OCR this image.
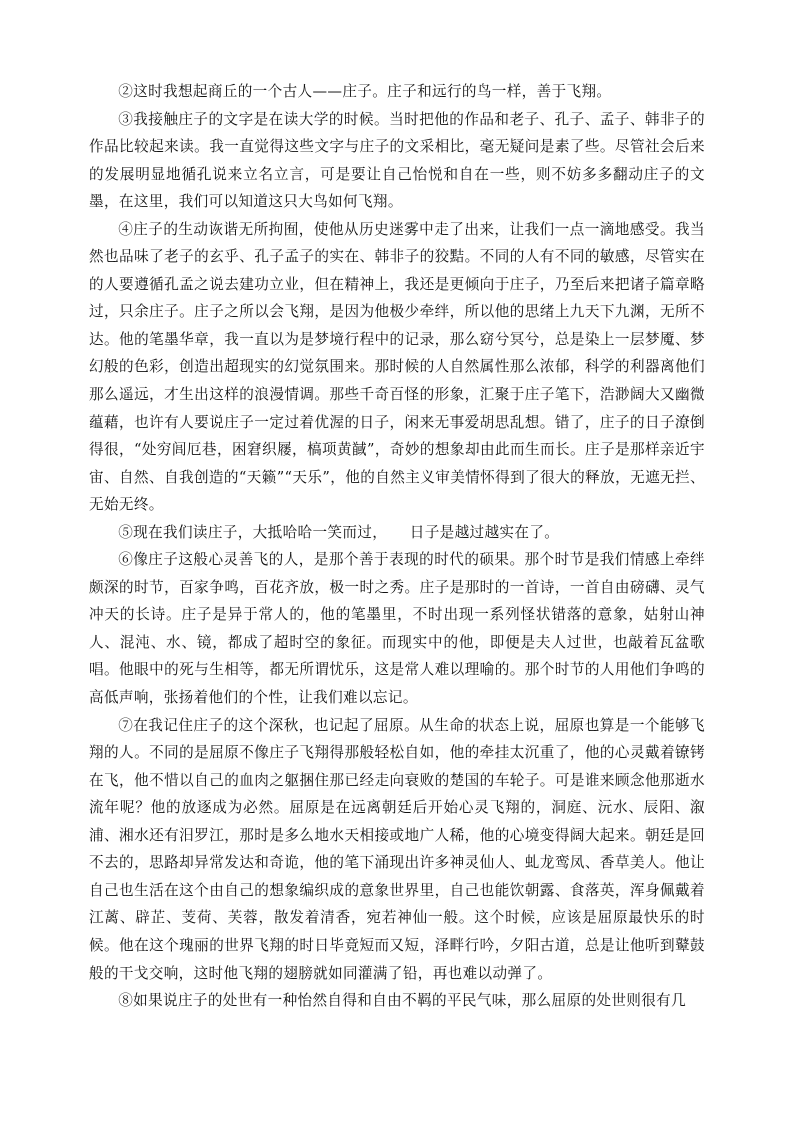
②这时我想起商丘的一个古人——庄子。庄子和远行的鸟一样，善于飞翔。

③我接触庄子的文字是在读大学的时候。当时把他的作品和老子、孔子、孟子、韩非子的作品比较起来读。我一直觉得这些文字与庄子的文采相比，毫无疑问是素了些。尽管社会后来的发展明显地循孔说来立名立言，可是要让自己怡悦和自在一些，则不妨多多翻动庄子的文墨，在这里，我们可以知道这只大鸟如何飞翔。

④庄子的生动诙谐无所拘囿，使他从历史迷雾中走了出来，让我们一点一滴地感受。我当然也品味了老子的玄乎、孔子孟子的实在、韩非子的狡黠。不同的人有不同的敏感，尽管实在的人要遵循孔孟之说去建功立业，但在精神上，我还是更倾向于庄子，乃至后来把诸子篇章略过，只余庄子。庄子之所以会飞翔，是因为他极少牵绊，所以他的思绪上九天下九渊，无所不达。他的笔墨华章，我一直以为是梦境行程中的记录，那么窈兮冥兮，总是染上一层梦魇、梦幻般的色彩，创造出超现实的幻觉氛围来。那时候的人自然属性那么浓郁，科学的利器离他们那么遥远，才生出这样的浪漫情调。那些千奇百怪的形象，汇聚于庄子笔下，浩渺阔大又幽微蕴藉，也许有人要说庄子一定过着优渥的日子，闲来无事爱胡思乱想。错了，庄子的日子潦倒得很，“处穷闾厄巷，困窘织屦，槁项黄馘”，奇妙的想象却由此而生而长。庄子是那样亲近宇宙、自然、自我创造的“天籁”“天乐”，他的自然主义审美情怀得到了很大的释放，无遮无拦、无始无终。

⑤现在我们读庄子，大抵哈哈一笑而过，　　日子是越过越实在了。

⑥像庄子这般心灵善飞的人，是那个善于表现的时代的硕果。那个时节是我们情感上牵绊颇深的时节，百家争鸣，百花齐放，极一时之秀。庄子是那时的一首诗，一首自由磅礴、灵气冲天的长诗。庄子是异于常人的，他的笔墨里，不时出现一系列怪状错落的意象，姑射山神人、混沌、水、镜，都成了超时空的象征。而现实中的他，即便是夫人过世，也敲着瓦盆歌唱。他眼中的死与生相等，都无所谓忧乐，这是常人难以理喻的。那个时节的人用他们争鸣的高低声响，张扬着他们的个性，让我们难以忘记。

⑦在我记住庄子的这个深秋，也记起了屈原。从生命的状态上说，屈原也算是一个能够飞翔的人。不同的是屈原不像庄子飞翔得那般轻松自如，他的牵挂太沉重了，他的心灵戴着镣铐在飞，他不惜以自己的血肉之躯捆住那已经走向衰败的楚国的车轮子。可是谁来顾念他那逝水流年呢？他的放逐成为必然。屈原是在远离朝廷后开始心灵飞翔的，洞庭、沅水、辰阳、溆浦、湘水还有汨罗江，那时是多么地水天相接或地广人稀，他的心境变得阔大起来。朝廷是回不去的，思路却异常发达和奇诡，他的笔下涌现出许多神灵仙人、虬龙鸾凤、香草美人。他让自己也生活在这个由自己的想象编织成的意象世界里，自己也能饮朝露、食落英，浑身佩戴着江蓠、辟芷、芰荷、芙蓉，散发着清香，宛若神仙一般。这个时候，应该是屈原最快乐的时候。他在这个瑰丽的世界飞翔的时日毕竟短而又短，泽畔行吟，夕阳古道，总是让他听到鼙鼓般的干戈交响，这时他飞翔的翅膀就如同灌满了铅，再也难以动弹了。

⑧如果说庄子的处世有一种怡然自得和自由不羁的平民气味，那么屈原的处世则很有几
